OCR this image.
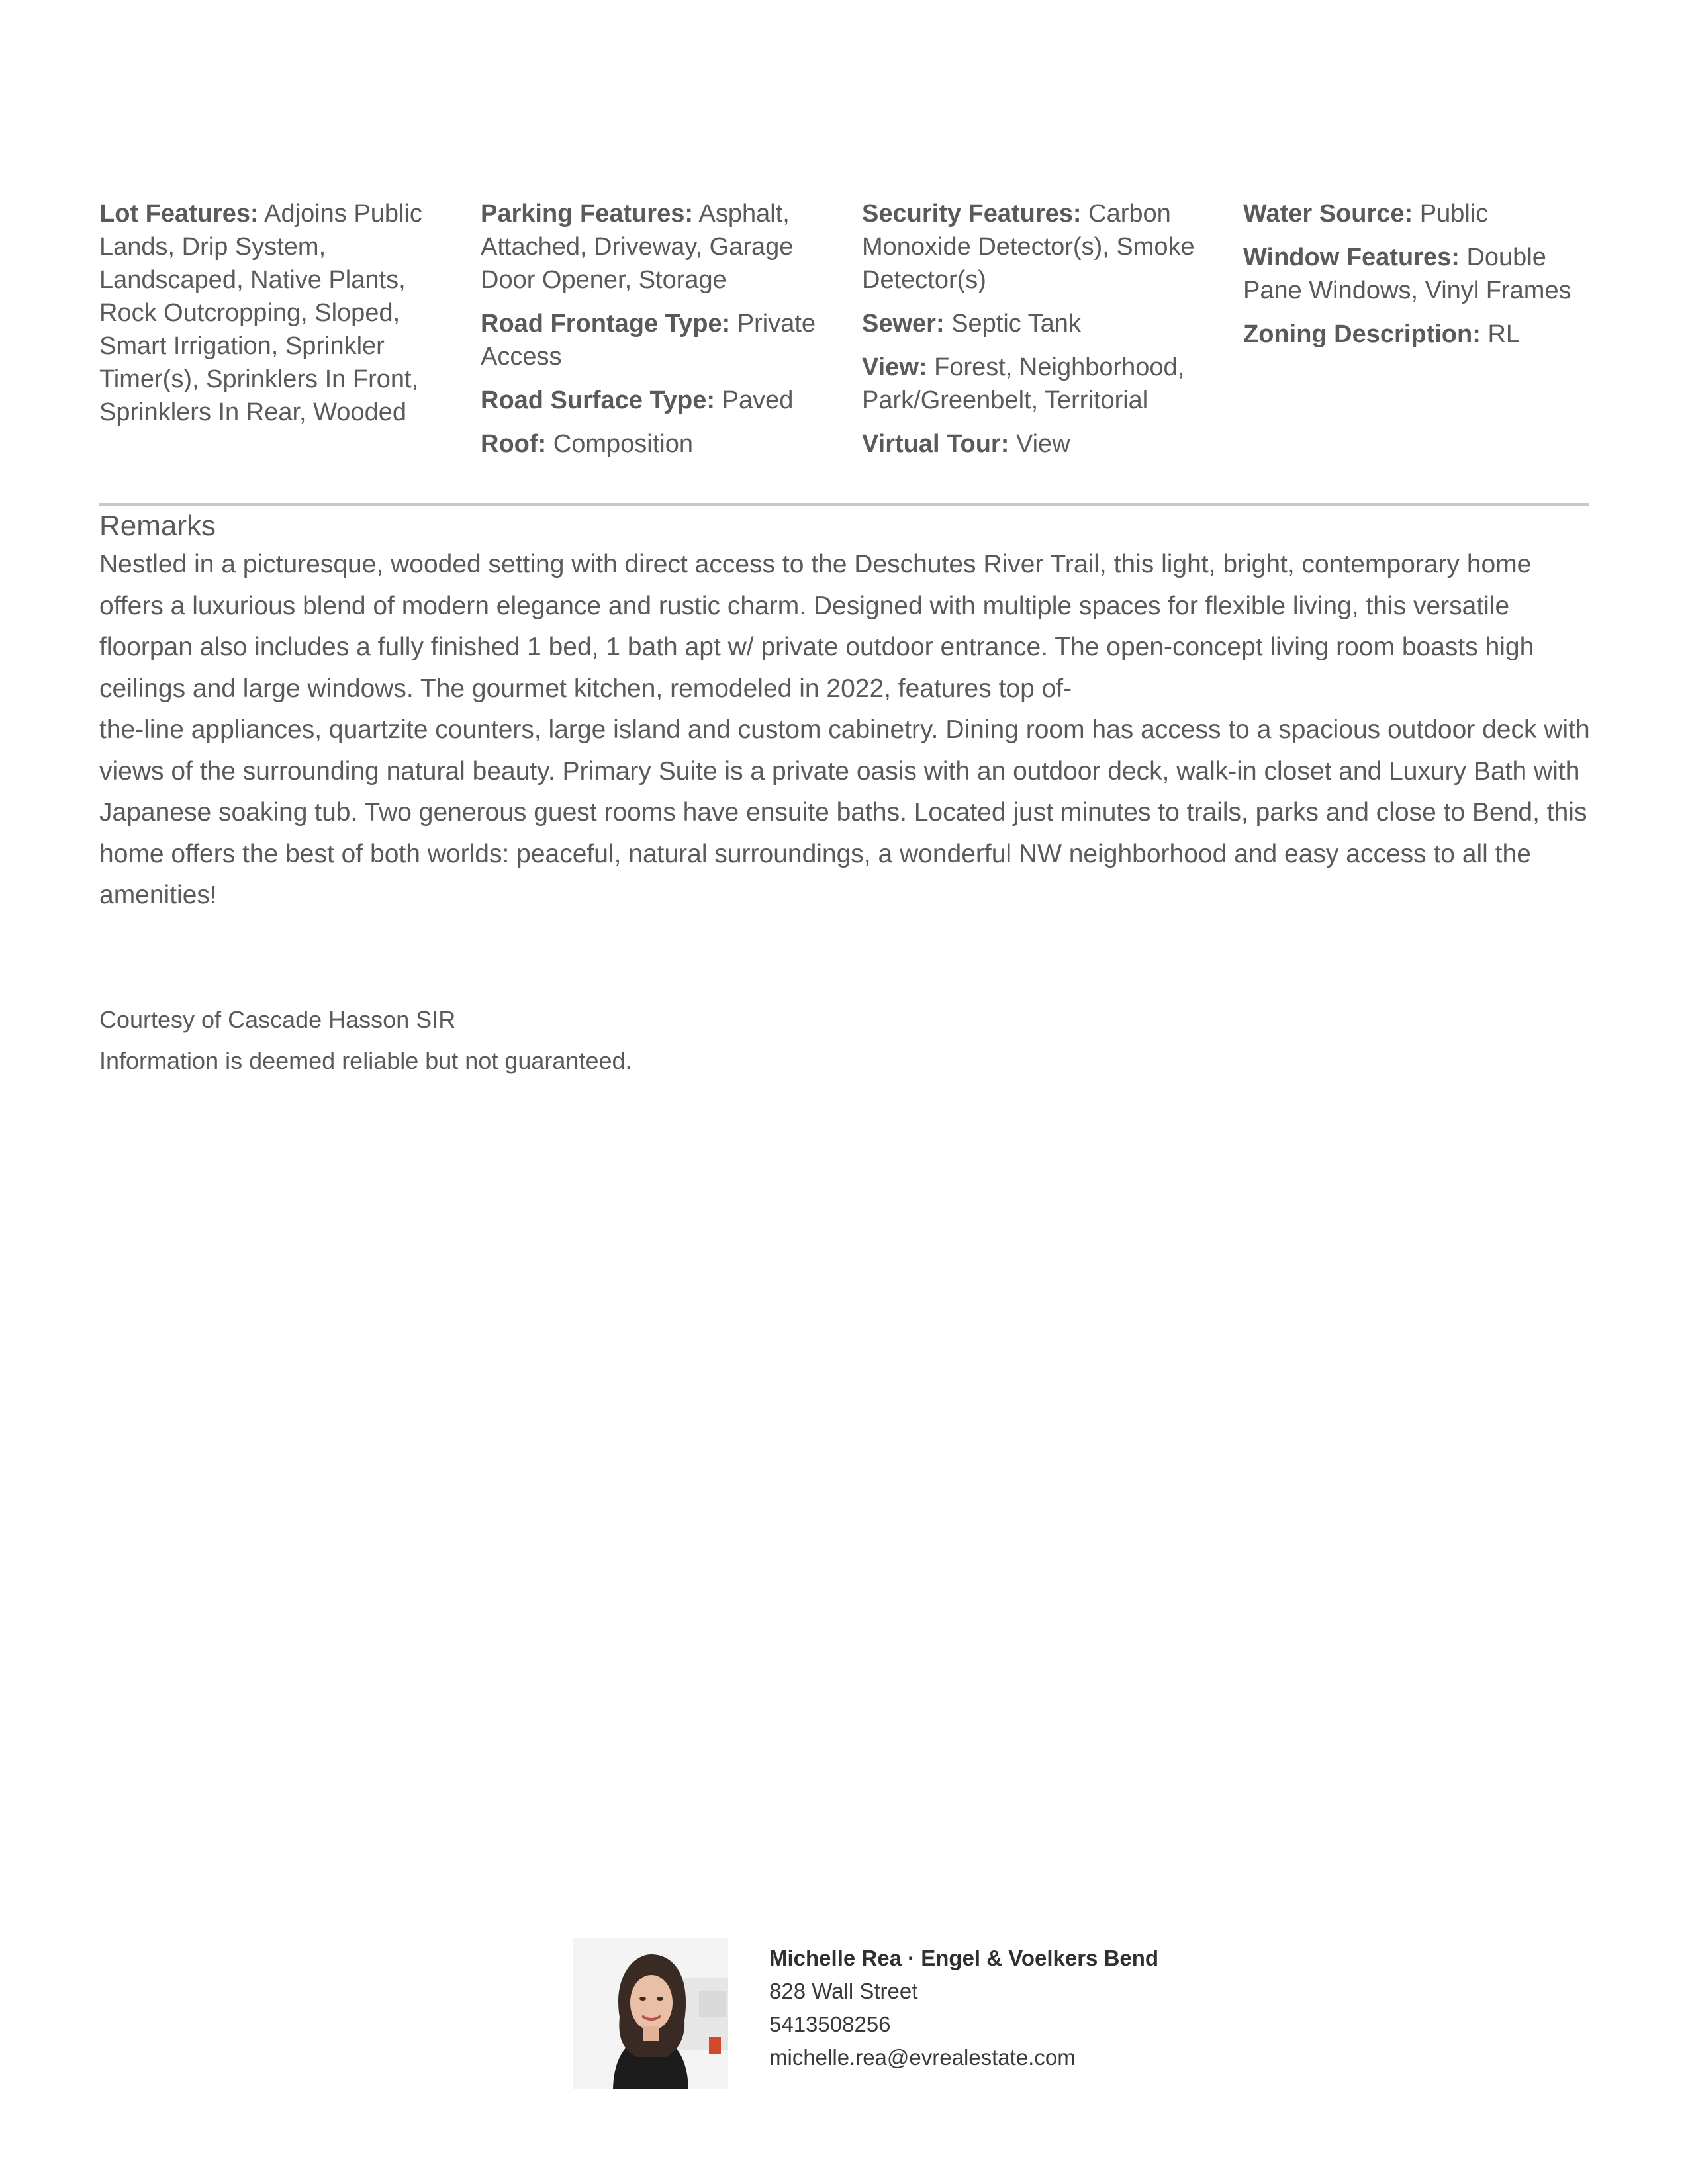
Lot Features: Adjoins Public Lands, Drip System, Landscaped, Native Plants, Rock Outcropping, Sloped, Smart Irrigation, Sprinkler Timer(s), Sprinklers In Front, Sprinklers In Rear, Wooded
Parking Features: Asphalt, Attached, Driveway, Garage Door Opener, Storage
Road Frontage Type: Private Access
Road Surface Type: Paved
Roof: Composition
Security Features: Carbon Monoxide Detector(s), Smoke Detector(s)
Sewer: Septic Tank
View: Forest, Neighborhood, Park/Greenbelt, Territorial
Virtual Tour: View
Water Source: Public
Window Features: Double Pane Windows, Vinyl Frames
Zoning Description: RL
Remarks

Nestled in a picturesque, wooded setting with direct access to the Deschutes River Trail, this light, bright, contemporary home offers a luxurious blend of modern elegance and rustic charm. Designed with multiple spaces for flexible living, this versatile floorpan also includes a fully finished 1 bed, 1 bath apt w/ private outdoor entrance. The open-concept living room boasts high ceilings and large windows. The gourmet kitchen, remodeled in 2022, features top of-

the-line appliances, quartzite counters, large island and custom cabinetry. Dining room has access to a spacious outdoor deck with views of the surrounding natural beauty. Primary Suite is a private oasis with an outdoor deck, walk-in closet and Luxury Bath with Japanese soaking tub. Two generous guest rooms have ensuite baths. Located just minutes to trails, parks and close to Bend, this home offers the best of both worlds: peaceful, natural surroundings, a wonderful NW neighborhood and easy access to all the amenities!

Courtesy of Cascade Hasson SIR
Information is deemed reliable but not guaranteed.
Michelle Rea · Engel & Voelkers Bend
828 Wall Street
5413508256
michelle.rea@evrealestate.com
